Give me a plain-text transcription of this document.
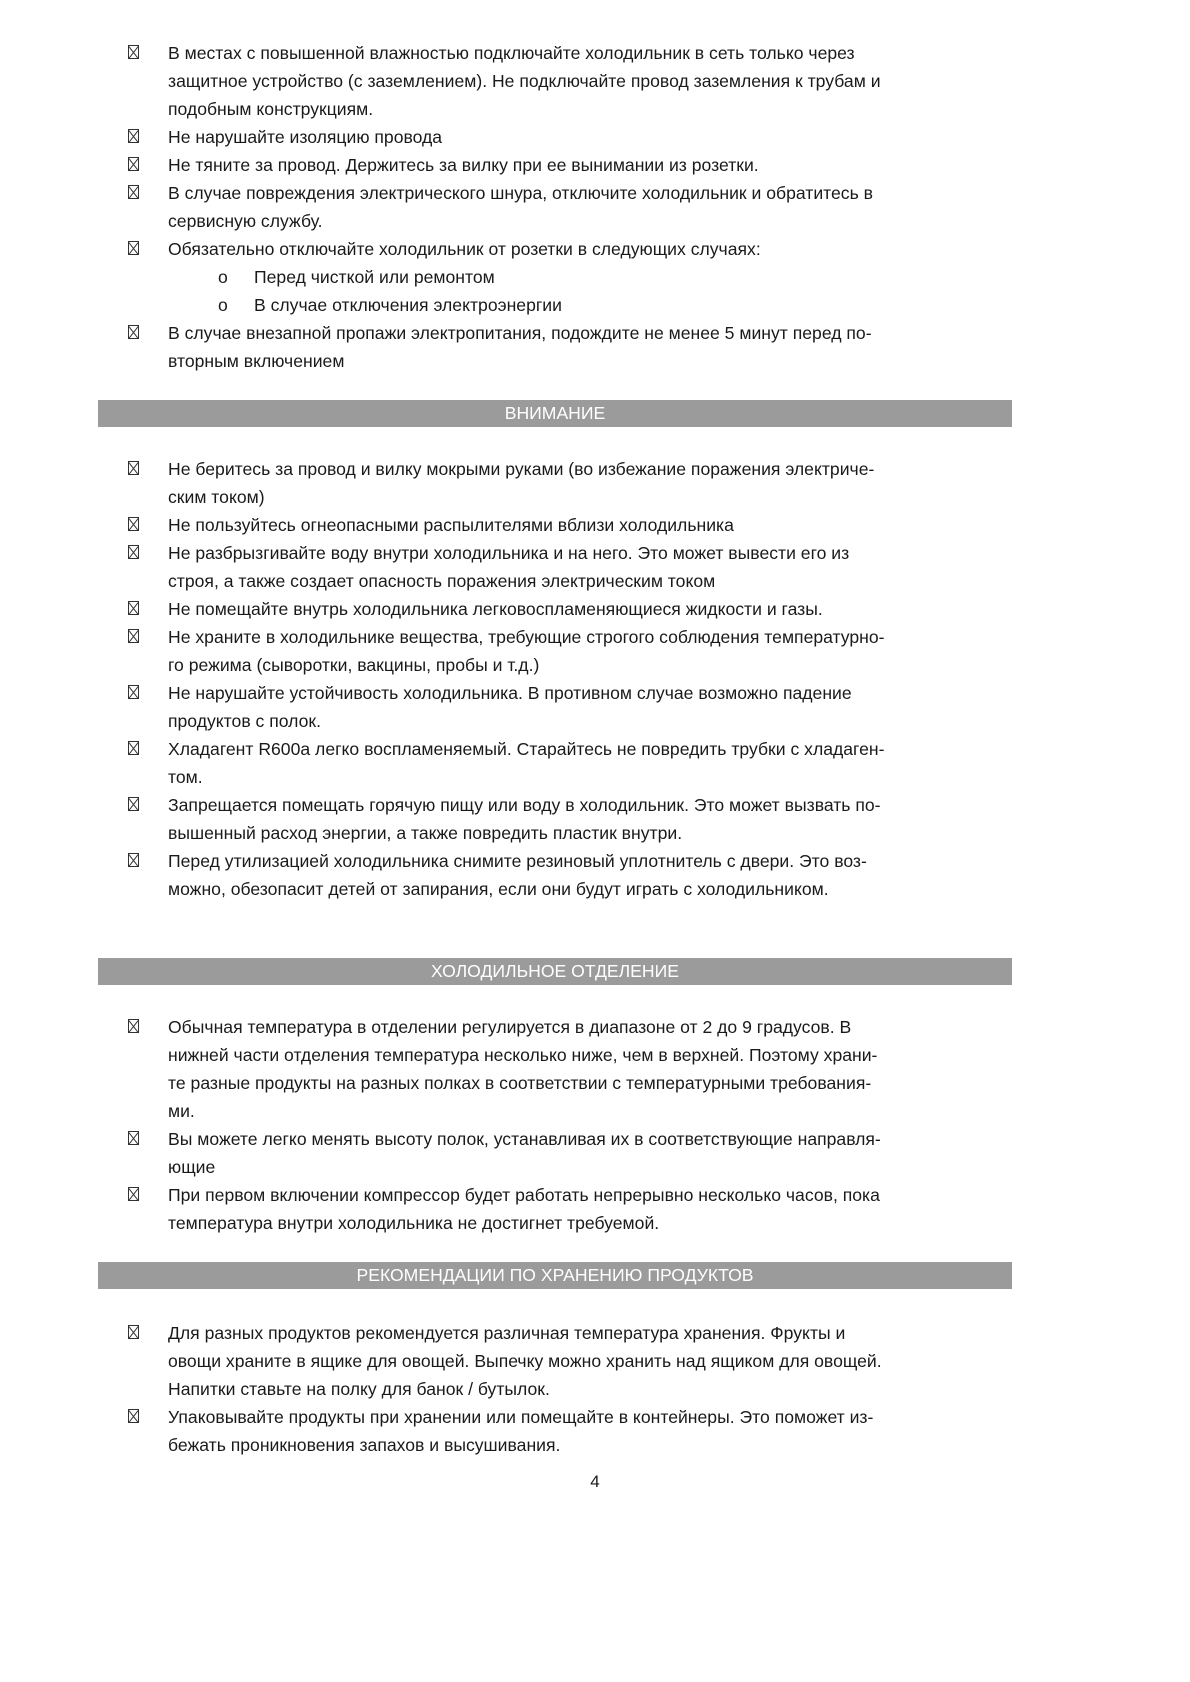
В местах с повышенной влажностью подключайте холодильник в сеть только через
защитное устройство (с заземлением). Не подключайте провод заземления к трубам и
подобным конструкциям.
Не нарушайте изоляцию провода
Не тяните за провод. Держитесь за вилку при ее вынимании из розетки.
В случае повреждения электрического шнура, отключите холодильник и обратитесь в
сервисную службу.
Обязательно отключайте холодильник от розетки в следующих случаях:
o Перед чисткой или ремонтом
o В случае отключения электроэнергии
В случае внезапной пропажи электропитания, подождите не менее 5 минут перед по-
вторным включением
ВНИМАНИЕ
Не беритесь за провод и вилку мокрыми руками (во избежание поражения электриче-
ским током)
Не пользуйтесь огнеопасными распылителями вблизи холодильника
Не разбрызгивайте воду внутри холодильника и на него. Это может вывести его из
строя, а также создает опасность поражения электрическим током
Не помещайте внутрь холодильника легковоспламеняющиеся жидкости и газы.
Не храните в холодильнике вещества, требующие строгого соблюдения температурно-
го режима (сыворотки, вакцины, пробы и т.д.)
Не нарушайте устойчивость холодильника. В противном случае возможно падение
продуктов с полок.
Хладагент R600a легко воспламеняемый. Старайтесь не повредить трубки с хладаген-
том.
Запрещается помещать горячую пищу или воду в холодильник. Это может вызвать по-
вышенный расход энергии, а также повредить пластик внутри.
Перед утилизацией холодильника снимите резиновый уплотнитель с двери. Это воз-
можно, обезопасит детей от запирания, если они будут играть с холодильником.
ХОЛОДИЛЬНОЕ ОТДЕЛЕНИЕ
Обычная температура в отделении регулируется в диапазоне от 2 до 9 градусов. В
нижней части отделения температура несколько ниже, чем в верхней. Поэтому храни-
те разные продукты на разных полках в соответствии с температурными требования-
ми.
Вы можете легко менять высоту полок, устанавливая их в соответствующие направля-
ющие
При первом включении компрессор будет работать непрерывно несколько часов, пока
температура внутри холодильника не достигнет требуемой.
РЕКОМЕНДАЦИИ ПО ХРАНЕНИЮ ПРОДУКТОВ
Для разных продуктов рекомендуется различная температура хранения. Фрукты и
овощи храните в ящике для овощей. Выпечку можно хранить над ящиком для овощей.
Напитки ставьте на полку для банок / бутылок.
Упаковывайте продукты при хранении или помещайте в контейнеры. Это поможет из-
бежать проникновения запахов и высушивания.
4
